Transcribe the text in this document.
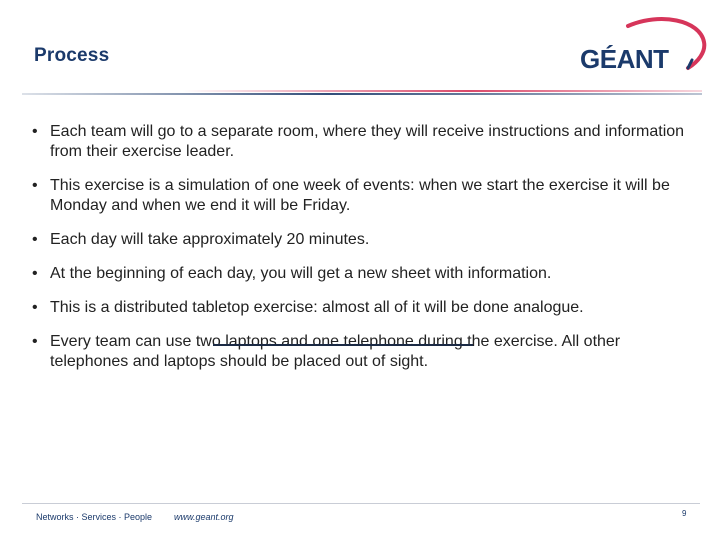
Process	GÉANT
• Each team will go to a separate room, where they will receive instructions and information from their exercise leader.
• This exercise is a simulation of one week of events: when we start the exercise it will be Monday and when we end it will be Friday.
• Each day will take approximately 20 minutes.
• At the beginning of each day, you will get a new sheet with information.
• This is a distributed tabletop exercise: almost all of it will be done analogue.
• Every team can use two laptops and one telephone during the exercise. All other telephones and laptops should be placed out of sight.
Networks · Services · People www.geant.org	9
